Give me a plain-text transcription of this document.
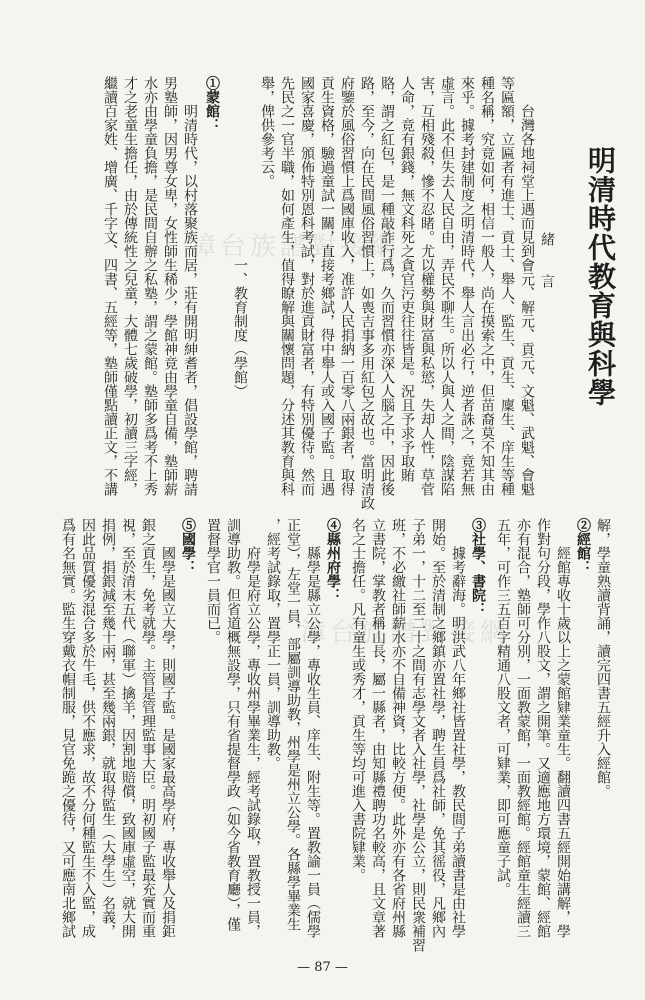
漳台族譜對接網
漳台族譜對接網
明清時代教育與科學
緒　　言
台灣各地祠堂上遇而見到會元、解元、貢元、文魁、武魁、會魁
等匾額，立匾者有進士、貢士、舉人、監生、貢生、廩生、庠生等種
種名稱，究竟如何，相信一般人，尚在摸索之中，但苗裔莫不知其由
來乎。據考封建制度之明清時代，舉人言出必行，逆者誅之，竟若無
虛言。此不但失去人民自由，弄民不聊生。所以人與人之間，陰謀陷
害，互相殘殺，慘不忍睹。尤以權勢與財富與私慾，失却人性，草菅
人命，竟有銀錢，無文科死之貪官污吏往往皆是。況且予求予取賄
賂，謂之紅包，是一種敲詐行爲，久而習慣亦深入人腦之中，因此後
路，至今，向在民間風俗習慣上，如喪吉事多用紅包之故也。當明清政
府鑒於風俗習慣上爲國庫收入，准許人民捐納一百零八兩銀者，取得
貢生資格，驗過童試一關，直接考鄉試，得中舉人或入國子監。且遇
國家喜慶，頒佈特別恩科考試，對於進貢財富者，有特別優待。然而
先民之一官半職，如何產生，值得瞭解與關懷問題，分述其教育與科
舉，俾供參考云。
一、教育制度（學館）
①蒙館：
明清時代，以村落聚族而居，莊有開明紳耆者，倡設學館，聘請
男塾師，因男尊女卑，女性師生稀少，學館神竟由學童自備，塾師薪
水亦由學童負擔，是民間自辦之私塾，謂之蒙館。塾師多爲考不上秀
才之老童生擔任，由於傳統性之兒童，大體七歲破學，初讀三字經，
繼讀百家姓、增廣、千字文、四書、五經等，塾師僅點讀正文，不講
解，學童熟讀背誦，讀完四書五經升入經館。
②經館：
經館專收十歲以上之蒙館肄業童生。翻讀四書五經開始講解，學
作對句分段，學作八股文，謂之開筆。又適應地方環境，蒙館、經館
亦有混合，塾師可分別，一面教蒙館，一面教經館。經館童生經讀三
五年，可作三五百字精通八股文者，可肄業，即可應童子試。
③社學、書院：
據考辭海。明洪武八年鄉社皆置社學，教民間子弟讀書是由社學
開始。至於清制之鄉鎮亦置社學，聘生員爲社師，免其徭役，凡鄉內
子弟一，十二至二十之間有志學文者入社學，社學是公立，則民衆補習
班，不必繳社師薪水亦不自備神資，比較方便。此外亦有各省府州縣
立書院，掌教者稱山長，屬一縣者，由知縣禮聘功名較高，且文章著
名之士擔任。凡有童生或秀才，貢生等均可進入書院肄業。
④縣州府學：
縣學是縣立公學，專收生員、庠生、附生等。置教諭一員（儒學
正堂），左堂一員，部屬訓導助教，州學是州立公學。各縣學畢業生
，經考試錄取，置學正一員，訓導助教。
府學是府立公學，專收州學畢業生，經考試錄取，置教授一員，
訓導助教。但省道概無設學，只有省提督學政（如今省教育廳），僅
置督學官一員而已。
⑤國學：
國學是國立大學，則國子監。是國家最高學府，專收舉人及捐鉅
銀之貢生，免考就學。主管是管理監事大臣。明初國子監最充實而重
視，至於清末五代（聯軍）擒羊，因割地賠償，致國庫虛空，就大開
捐例，捐銀減至幾十兩，甚至幾兩銀，就取得監生（大學生）名義，
因此品質優劣混合多於牛毛，供不應求，故不分何種監生不入監，成
爲有名無實。監生穿戴衣帽制服，見官免跪之優待，又可應南北鄉試
— 87 —
